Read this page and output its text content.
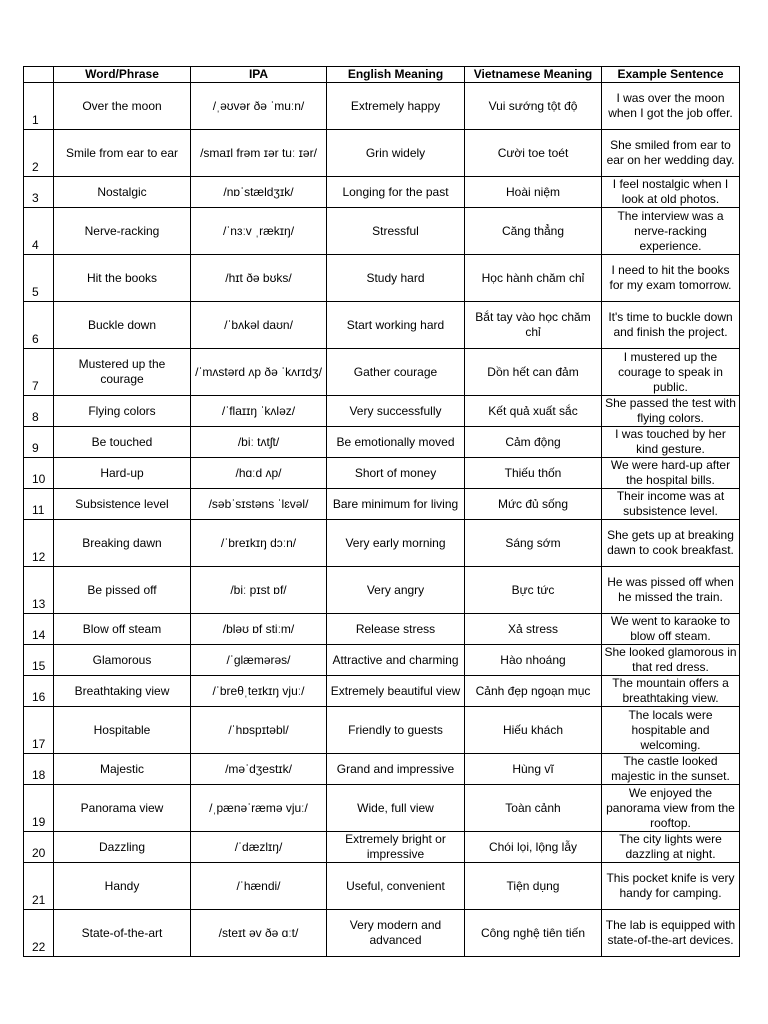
	Word/Phrase	IPA	English Meaning	Vietnamese Meaning	Example Sentence
1	Over the moon	/ˌəʊvər ðə ˈmuːn/	Extremely happy	Vui sướng tột độ	I was over the moon when I got the job offer.
2	Smile from ear to ear	/smaɪl frəm ɪər tuː ɪər/	Grin widely	Cười toe toét	She smiled from ear to ear on her wedding day.
3	Nostalgic	/nɒˈstældʒɪk/	Longing for the past	Hoài niệm	I feel nostalgic when I look at old photos.
4	Nerve-racking	/ˈnɜːv ˌrækɪŋ/	Stressful	Căng thẳng	The interview was a nerve-racking experience.
5	Hit the books	/hɪt ðə bʊks/	Study hard	Học hành chăm chỉ	I need to hit the books for my exam tomorrow.
6	Buckle down	/ˈbʌkəl daʊn/	Start working hard	Bắt tay vào học chăm chỉ	It's time to buckle down and finish the project.
7	Mustered up the courage	/ˈmʌstərd ʌp ðə ˈkʌrɪdʒ/	Gather courage	Dồn hết can đảm	I mustered up the courage to speak in public.
8	Flying colors	/ˈflaɪɪŋ ˈkʌləz/	Very successfully	Kết quả xuất sắc	She passed the test with flying colors.
9	Be touched	/biː tʌtʃt/	Be emotionally moved	Cảm động	I was touched by her kind gesture.
10	Hard-up	/hɑːd ʌp/	Short of money	Thiếu thốn	We were hard-up after the hospital bills.
11	Subsistence level	/səbˈsɪstəns ˈlɛvəl/	Bare minimum for living	Mức đủ sống	Their income was at subsistence level.
12	Breaking dawn	/ˈbreɪkɪŋ dɔːn/	Very early morning	Sáng sớm	She gets up at breaking dawn to cook breakfast.
13	Be pissed off	/biː pɪst ɒf/	Very angry	Bực tức	He was pissed off when he missed the train.
14	Blow off steam	/bləʊ ɒf stiːm/	Release stress	Xả stress	We went to karaoke to blow off steam.
15	Glamorous	/ˈɡlæmərəs/	Attractive and charming	Hào nhoáng	She looked glamorous in that red dress.
16	Breathtaking view	/ˈbreθˌteɪkɪŋ vjuː/	Extremely beautiful view	Cảnh đẹp ngoạn mục	The mountain offers a breathtaking view.
17	Hospitable	/ˈhɒspɪtəbl/	Friendly to guests	Hiếu khách	The locals were hospitable and welcoming.
18	Majestic	/məˈdʒestɪk/	Grand and impressive	Hùng vĩ	The castle looked majestic in the sunset.
19	Panorama view	/ˌpænəˈræmə vjuː/	Wide, full view	Toàn cảnh	We enjoyed the panorama view from the rooftop.
20	Dazzling	/ˈdæzlɪŋ/	Extremely bright or impressive	Chói lọi, lộng lẫy	The city lights were dazzling at night.
21	Handy	/ˈhændi/	Useful, convenient	Tiện dụng	This pocket knife is very handy for camping.
22	State-of-the-art	/steɪt əv ðə ɑːt/	Very modern and advanced	Công nghệ tiên tiến	The lab is equipped with state-of-the-art devices.
